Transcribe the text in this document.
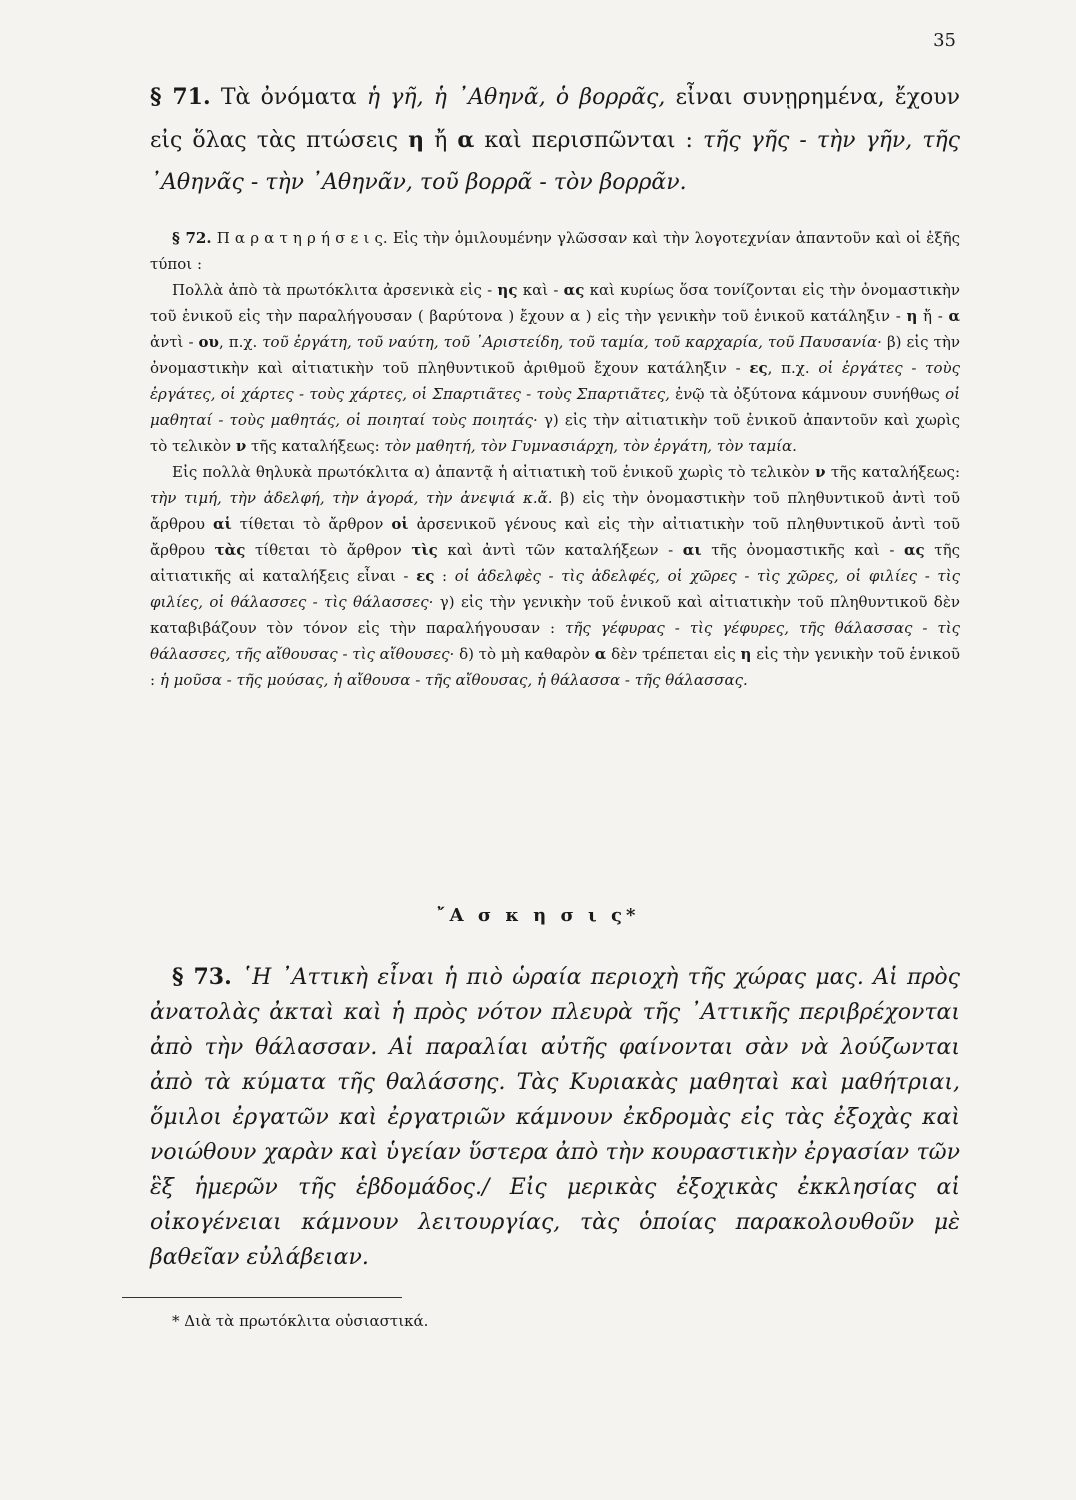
35
§ 71. Τὰ ὀνόματα ἡ γῆ, ἡ ᾿Αθηνᾶ, ὁ βορρᾶς, εἶναι συνῃρημένα, ἔχουν εἰς ὅλας τὰς πτώσεις η ἤ α καὶ περισπῶνται : τῆς γῆς - τὴν γῆν, τῆς ᾿Αθηνᾶς - τὴν ᾿Αθηνᾶν, τοῦ βορρᾶ - τὸν βορρᾶν.

§ 72. Π α ρ α τ η ρ ή σ ε ι ς. Εἰς τὴν ὁμιλουμένην γλῶσσαν καὶ τὴν λογοτεχνίαν ἀπαντοῦν καὶ οἱ ἑξῆς τύποι :

Πολλὰ ἀπὸ τὰ πρωτόκλιτα ἀρσενικὰ εἰς - ης καὶ - ας καὶ κυρίως ὅσα τονίζονται εἰς τὴν ὀνομαστικὴν τοῦ ἑνικοῦ εἰς τὴν παραλήγουσαν ( βαρύτονα ) ἔχουν α ) εἰς τὴν γενικὴν τοῦ ἑνικοῦ κατάληξιν - η ἤ - α ἀντὶ - ου, π.χ. τοῦ ἐργάτη, τοῦ ναύτη, τοῦ ᾿Αριστείδη, τοῦ ταμία, τοῦ καρχαρία, τοῦ Παυσανία· β) εἰς τὴν ὀνομαστικὴν καὶ αἰτιατικὴν τοῦ πληθυντικοῦ ἀριθμοῦ ἔχουν κατάληξιν - ες, π.χ. οἱ ἐργάτες - τοὺς ἐργάτες, οἱ χάρτες - τοὺς χάρτες, οἱ Σπαρτιᾶτες - τοὺς Σπαρτιᾶτες, ἐνῷ τὰ ὀξύτονα κάμνουν συνήθως οἱ μαθηταί - τοὺς μαθητάς, οἱ ποιηταί τοὺς ποιητάς· γ) εἰς τὴν αἰτιατικὴν τοῦ ἑνικοῦ ἀπαντοῦν καὶ χωρὶς τὸ τελικὸν ν τῆς καταλήξεως: τὸν μαθητή, τὸν Γυμνασιάρχη, τὸν ἐργάτη, τὸν ταμία.

Εἰς πολλὰ θηλυκὰ πρωτόκλιτα α) ἀπαντᾷ ἡ αἰτιατικὴ τοῦ ἑνικοῦ χωρὶς τὸ τελικὸν ν τῆς καταλήξεως: τὴν τιμή, τὴν ἀδελφή, τὴν ἀγορά, τὴν ἀνεψιά κ.ἄ. β) εἰς τὴν ὀνομαστικὴν τοῦ πληθυντικοῦ ἀντὶ τοῦ ἄρθρου αἱ τίθεται τὸ ἄρθρον οἱ ἀρσενικοῦ γένους καὶ εἰς τὴν αἰτιατικὴν τοῦ πληθυντικοῦ ἀντὶ τοῦ ἄρθρου τὰς τίθεται τὸ ἄρθρον τὶς καὶ ἀντὶ τῶν καταλήξεων - αι τῆς ὀνομαστικῆς καὶ - ας τῆς αἰτιατικῆς αἱ καταλήξεις εἶναι - ες : οἱ ἀδελφὲς - τὶς ἀδελφές, οἱ χῶρες - τὶς χῶρες, οἱ φιλίες - τὶς φιλίες, οἱ θάλασσες - τὶς θάλασσες· γ) εἰς τὴν γενικὴν τοῦ ἑνικοῦ καὶ αἰτιατικὴν τοῦ πληθυντικοῦ δὲν καταβιβάζουν τὸν τόνον εἰς τὴν παραλήγουσαν : τῆς γέφυρας - τὶς γέφυρες, τῆς θάλασσας - τὶς θάλασσες, τῆς αἴθουσας - τὶς αἴθουσες· δ) τὸ μὴ καθαρὸν α δὲν τρέπεται εἰς η εἰς τὴν γενικὴν τοῦ ἑνικοῦ : ἡ μοῦσα - τῆς μούσας, ἡ αἴθουσα - τῆς αἴθουσας, ἡ θάλασσα - τῆς θάλασσας.

῎Α σ κ η σ ι ς*

§ 73. ῾Η ᾿Αττικὴ εἶναι ἡ πιὸ ὡραία περιοχὴ τῆς χώρας μας. Αἱ πρὸς ἀνατολὰς ἀκταὶ καὶ ἡ πρὸς νότον πλευρὰ τῆς ᾿Αττικῆς περιβρέχονται ἀπὸ τὴν θάλασσαν. Αἱ παραλίαι αὐτῆς φαίνονται σὰν νὰ λούζωνται ἀπὸ τὰ κύματα τῆς θαλάσσης. Τὰς Κυριακὰς μαθηταὶ καὶ μαθήτριαι, ὅμιλοι ἐργατῶν καὶ ἐργατριῶν κάμνουν ἐκδρομὰς εἰς τὰς ἐξοχὰς καὶ νοιώθουν χαρὰν καὶ ὑγείαν ὕστερα ἀπὸ τὴν κουραστικὴν ἐργασίαν τῶν ἓξ ἡμερῶν τῆς ἑβδομάδος./ Εἰς μερικὰς ἐξοχικὰς ἐκκλησίας αἱ οἰκογένειαι κάμνουν λειτουργίας, τὰς ὁποίας παρακολουθοῦν μὲ βαθεῖαν εὐλάβειαν.

* Διὰ τὰ πρωτόκλιτα οὐσιαστικά.
